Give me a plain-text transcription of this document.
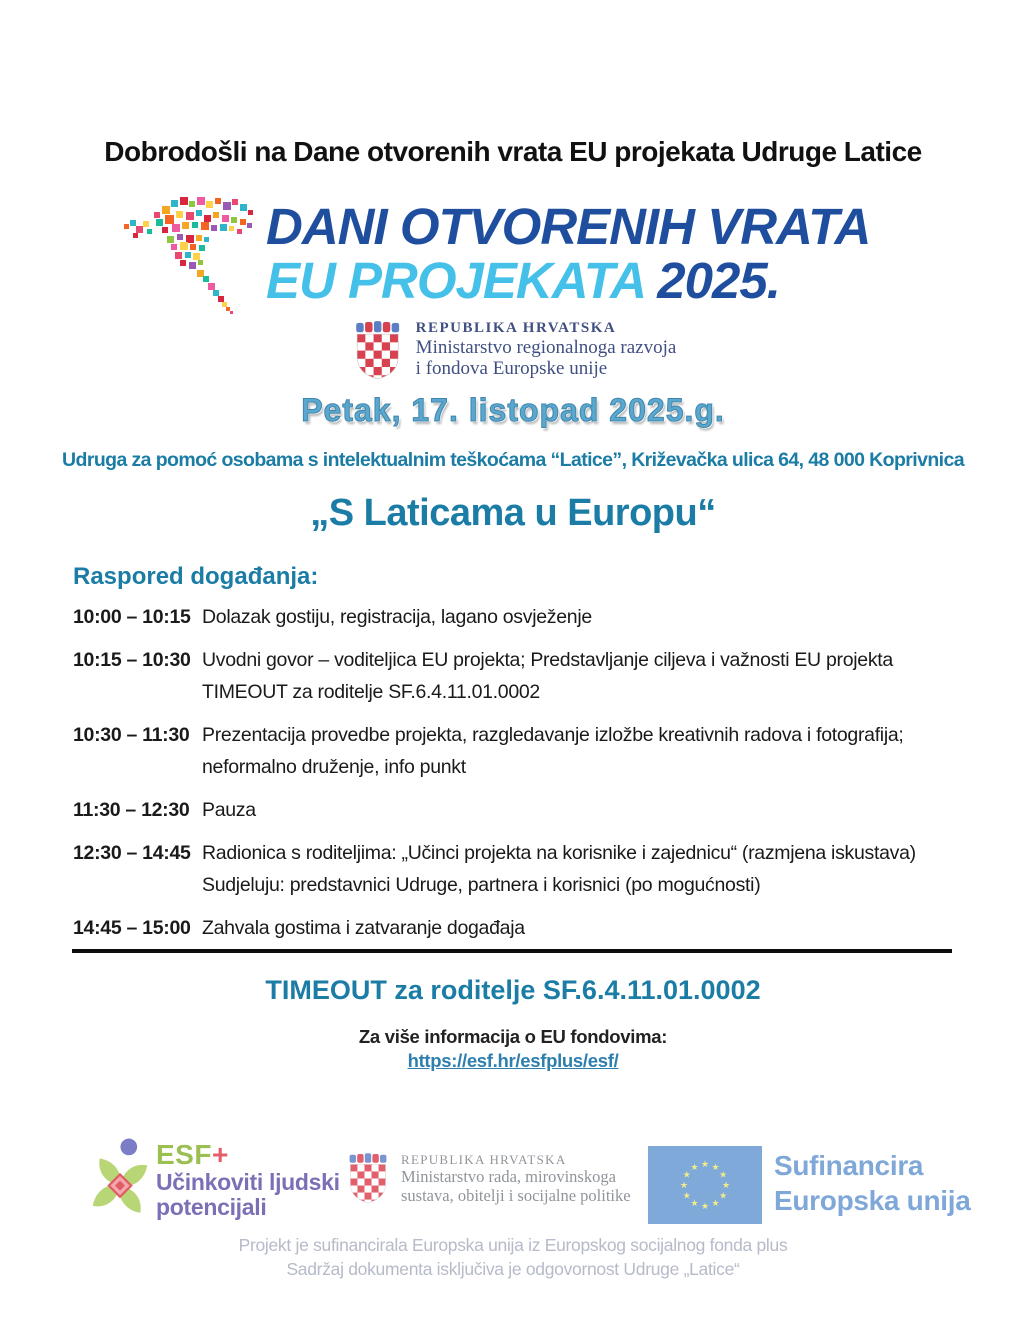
Dobrodošli na Dane otvorenih vrata EU projekata Udruge Latice
DANI OTVORENIH VRATA
EU PROJEKATA 2025.
REPUBLIKA HRVATSKA
Ministarstvo regionalnoga razvoja
i fondova Europske unije
Petak, 17. listopad 2025.g.
Udruga za pomoć osobama s intelektualnim teškoćama “Latice”, Križevačka ulica 64, 48 000 Koprivnica
„S Laticama u Europu“
Raspored događanja:
10:00 – 10:15 Dolazak gostiju, registracija, lagano osvježenje
10:15 – 10:30 Uvodni govor – voditeljica EU projekta; Predstavljanje ciljeva i važnosti EU projekta TIMEOUT za roditelje SF.6.4.11.01.0002
10:30 – 11:30 Prezentacija provedbe projekta, razgledavanje izložbe kreativnih radova i fotografija; neformalno druženje, info punkt
11:30 – 12:30 Pauza
12:30 – 14:45 Radionica s roditeljima: „Učinci projekta na korisnike i zajednicu“ (razmjena iskustava) Sudjeluju: predstavnici Udruge, partnera i korisnici (po mogućnosti)
14:45 – 15:00 Zahvala gostima i zatvaranje događaja
TIMEOUT za roditelje SF.6.4.11.01.0002
Za više informacija o EU fondovima:
https://esf.hr/esfplus/esf/
ESF+
Učinkoviti ljudski
potencijali
REPUBLIKA HRVATSKA
Ministarstvo rada, mirovinskoga
sustava, obitelji i socijalne politike
★ ★
★
★
★
★
★
★
★
★
★
★	Sufinancira
Europska unija
Projekt je sufinancirala Europska unija iz Europskog socijalnog fonda plus
Sadržaj dokumenta isključiva je odgovornost Udruge „Latice“
